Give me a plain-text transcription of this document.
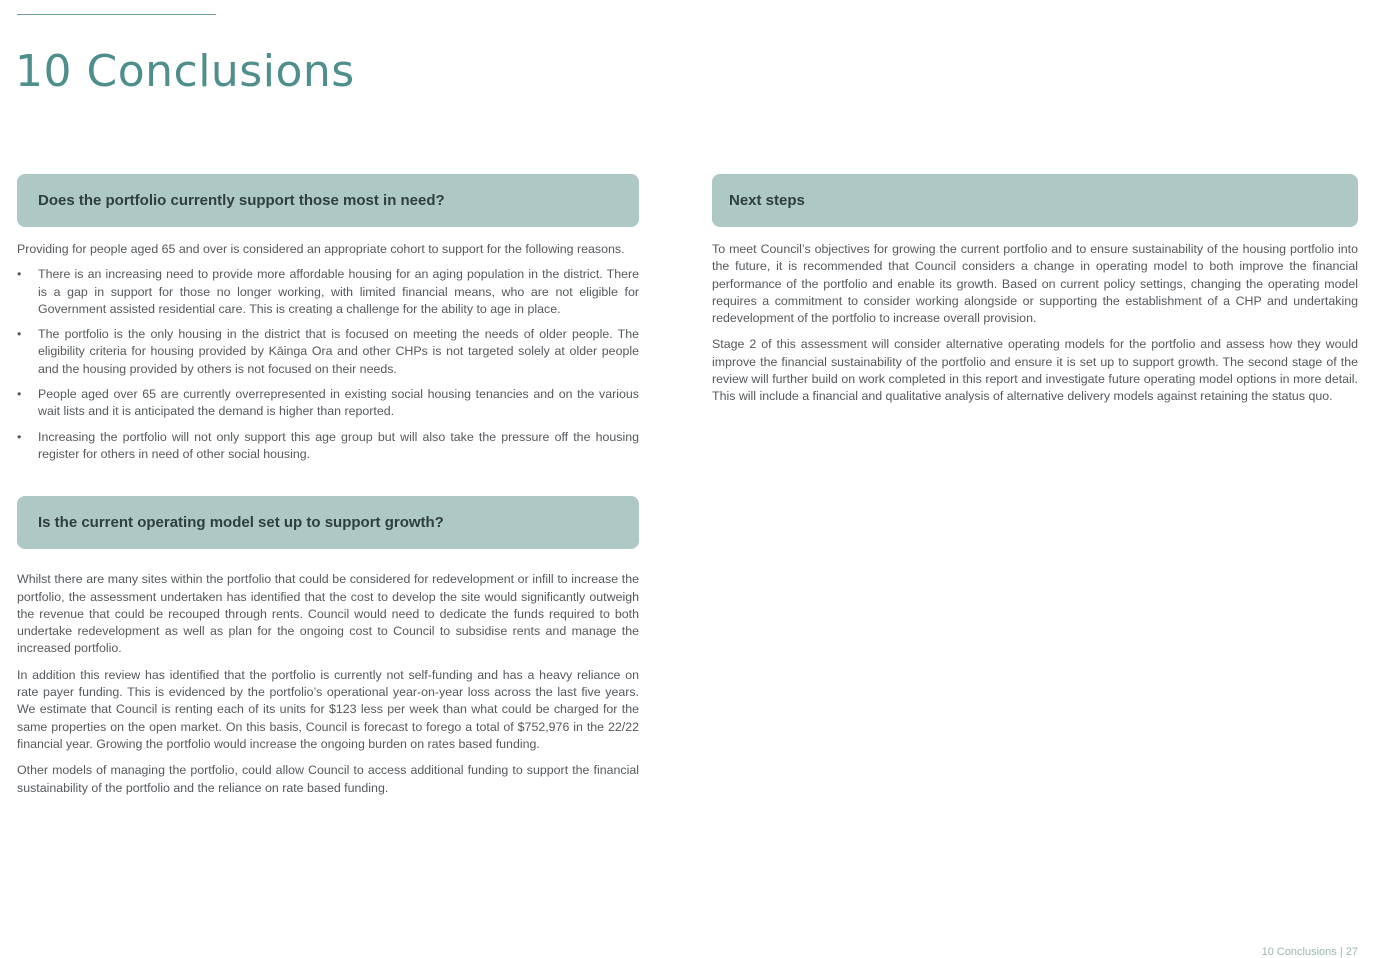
10 Conclusions
Does the portfolio currently support those most in need?

Providing for people aged 65 and over is considered an appropriate cohort to support for the following reasons.

• There is an increasing need to provide more affordable housing for an aging population in the district. There is a gap in support for those no longer working, with limited financial means, who are not eligible for Government assisted residential care. This is creating a challenge for the ability to age in place.
• The portfolio is the only housing in the district that is focused on meeting the needs of older people. The eligibility criteria for housing provided by Kāinga Ora and other CHPs is not targeted solely at older people and the housing provided by others is not focused on their needs.
• People aged over 65 are currently overrepresented in existing social housing tenancies and on the various wait lists and it is anticipated the demand is higher than reported.
• Increasing the portfolio will not only support this age group but will also take the pressure off the housing register for others in need of other social housing.
Is the current operating model set up to support growth?

Whilst there are many sites within the portfolio that could be considered for redevelopment or infill to increase the portfolio, the assessment undertaken has identified that the cost to develop the site would significantly outweigh the revenue that could be recouped through rents. Council would need to dedicate the funds required to both undertake redevelopment as well as plan for the ongoing cost to Council to subsidise rents and manage the increased portfolio.

In addition this review has identified that the portfolio is currently not self-funding and has a heavy reliance on rate payer funding. This is evidenced by the portfolio’s operational year-on-year loss across the last five years. We estimate that Council is renting each of its units for $123 less per week than what could be charged for the same properties on the open market. On this basis, Council is forecast to forego a total of $752,976 in the 22/22 financial year. Growing the portfolio would increase the ongoing burden on rates based funding.

Other models of managing the portfolio, could allow Council to access additional funding to support the financial sustainability of the portfolio and the reliance on rate based funding.

Next steps

To meet Council’s objectives for growing the current portfolio and to ensure sustainability of the housing portfolio into the future, it is recommended that Council considers a change in operating model to both improve the financial performance of the portfolio and enable its growth. Based on current policy settings, changing the operating model requires a commitment to consider working alongside or supporting the establishment of a CHP and undertaking redevelopment of the portfolio to increase overall provision.

Stage 2 of this assessment will consider alternative operating models for the portfolio and assess how they would improve the financial sustainability of the portfolio and ensure it is set up to support growth. The second stage of the review will further build on work completed in this report and investigate future operating model options in more detail. This will include a financial and qualitative analysis of alternative delivery models against retaining the status quo.

10 Conclusions | 27
